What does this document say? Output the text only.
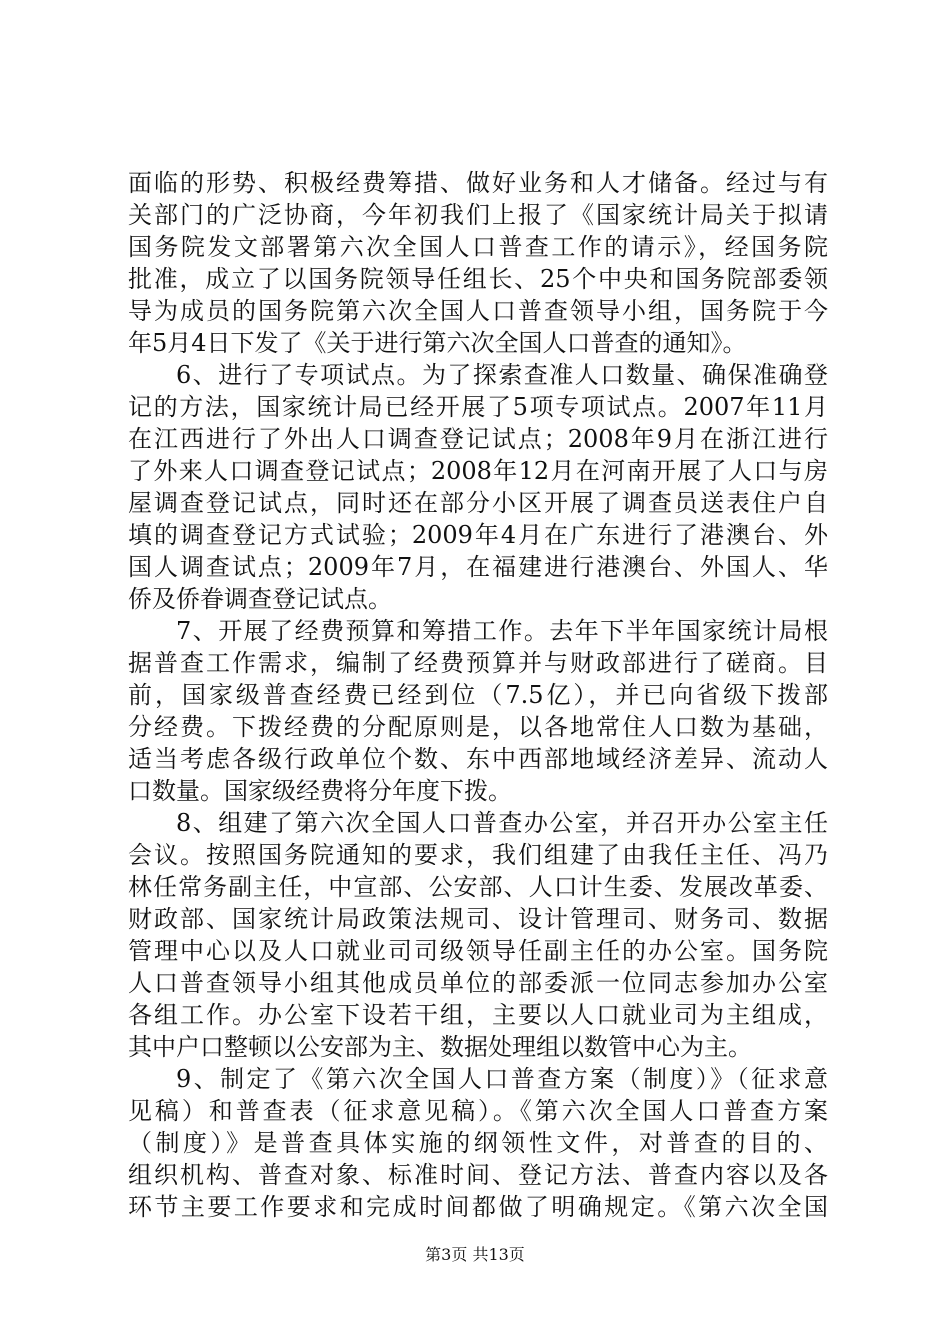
面临的形势、积极经费筹措、做好业务和人才储备。经过与有
关部门的广泛协商，今年初我们上报了《国家统计局关于拟请
国务院发文部署第六次全国人口普查工作的请示》，经国务院
批准，成立了以国务院领导任组长、25个中央和国务院部委领
导为成员的国务院第六次全国人口普查领导小组，国务院于今
年5月4日下发了《关于进行第六次全国人口普查的通知》。
6、进行了专项试点。为了探索查准人口数量、确保准确登
记的方法，国家统计局已经开展了5项专项试点。2007年11月
在江西进行了外出人口调查登记试点；2008年9月在浙江进行
了外来人口调查登记试点；2008年12月在河南开展了人口与房
屋调查登记试点，同时还在部分小区开展了调查员送表住户自
填的调查登记方式试验；2009年4月在广东进行了港澳台、外
国人调查试点；2009年7月，在福建进行港澳台、外国人、华
侨及侨眷调查登记试点。
7、开展了经费预算和筹措工作。去年下半年国家统计局根
据普查工作需求，编制了经费预算并与财政部进行了磋商。目
前，国家级普查经费已经到位（7.5亿），并已向省级下拨部
分经费。下拨经费的分配原则是，以各地常住人口数为基础，
适当考虑各级行政单位个数、东中西部地域经济差异、流动人
口数量。国家级经费将分年度下拨。
8、组建了第六次全国人口普查办公室，并召开办公室主任
会议。按照国务院通知的要求，我们组建了由我任主任、冯乃
林任常务副主任，中宣部、公安部、人口计生委、发展改革委、
财政部、国家统计局政策法规司、设计管理司、财务司、数据
管理中心以及人口就业司司级领导任副主任的办公室。国务院
人口普查领导小组其他成员单位的部委派一位同志参加办公室
各组工作。办公室下设若干组，主要以人口就业司为主组成，
其中户口整顿以公安部为主、数据处理组以数管中心为主。
9、制定了《第六次全国人口普查方案（制度）》（征求意
见稿）和普查表（征求意见稿）。《第六次全国人口普查方案
（制度）》是普查具体实施的纲领性文件，对普查的目的、
组织机构、普查对象、标准时间、登记方法、普查内容以及各
环节主要工作要求和完成时间都做了明确规定。《第六次全国
第3页 共13页
